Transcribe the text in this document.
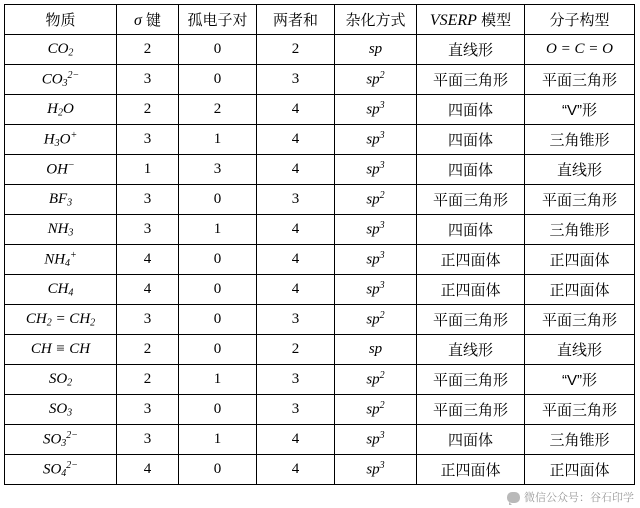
物质	σ 键	孤电子对	两者和	杂化方式	VSERP 模型	分子构型
$CO_2$	2	0	2	sp	直线形	O = C = O
$CO_3^{2-}$	3	0	3	$sp^2$	平面三角形	平面三角形
$H_2O$	2	2	4	$sp^3$	四面体	“V”形
$H_3O^+$	3	1	4	$sp^3$	四面体	三角锥形
OH−	1	3	4	$sp^3$	四面体	直线形
$BF_3$	3	0	3	$sp^2$	平面三角形	平面三角形
$NH_3$	3	1	4	$sp^3$	四面体	三角锥形
$NH_4^+$	4	0	4	$sp^3$	正四面体	正四面体
$CH_4$	4	0	4	$sp^3$	正四面体	正四面体
$CH_2 = CH_2$	3	0	3	$sp^2$	平面三角形	平面三角形
CH ≡ CH	2	0	2	sp	直线形	直线形
$SO_2$	2	1	3	$sp^2$	平面三角形	“V”形
$SO_3$	3	0	3	$sp^2$	平面三角形	平面三角形
$SO_3^{2-}$	3	1	4	$sp^3$	四面体	三角锥形
$SO_4^{2-}$	4	0	4	$sp^3$	正四面体	正四面体
微信公众号：谷石印学
